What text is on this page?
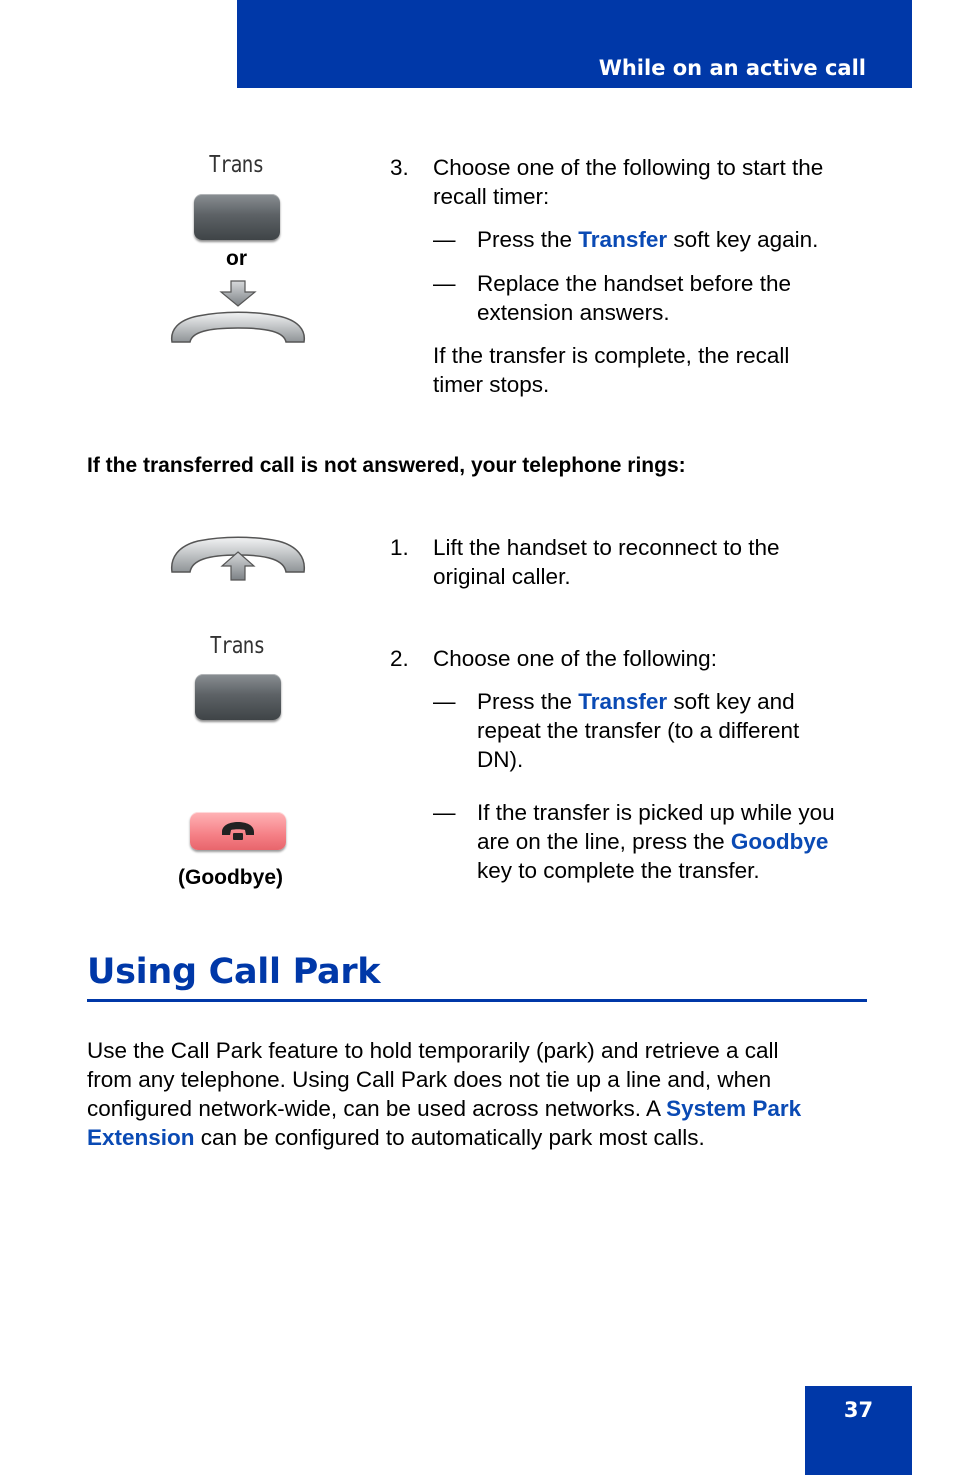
While on an active call
Trans
or
3. Choose one of the following to start the
recall timer:
— Press the Transfer soft key again.
— Replace the handset before the
extension answers.
If the transfer is complete, the recall
timer stops.
If the transferred call is not answered, your telephone rings:
Trans
(Goodbye)
1. Lift the handset to reconnect to the
original caller.
2. Choose one of the following:
— Press the Transfer soft key and
repeat the transfer (to a different
DN).
— If the transfer is picked up while you
are on the line, press the Goodbye
key to complete the transfer.
Using Call Park
Use the Call Park feature to hold temporarily (park) and retrieve a call
from any telephone. Using Call Park does not tie up a line and, when
configured network-wide, can be used across networks. A System Park
Extension can be configured to automatically park most calls.
37
